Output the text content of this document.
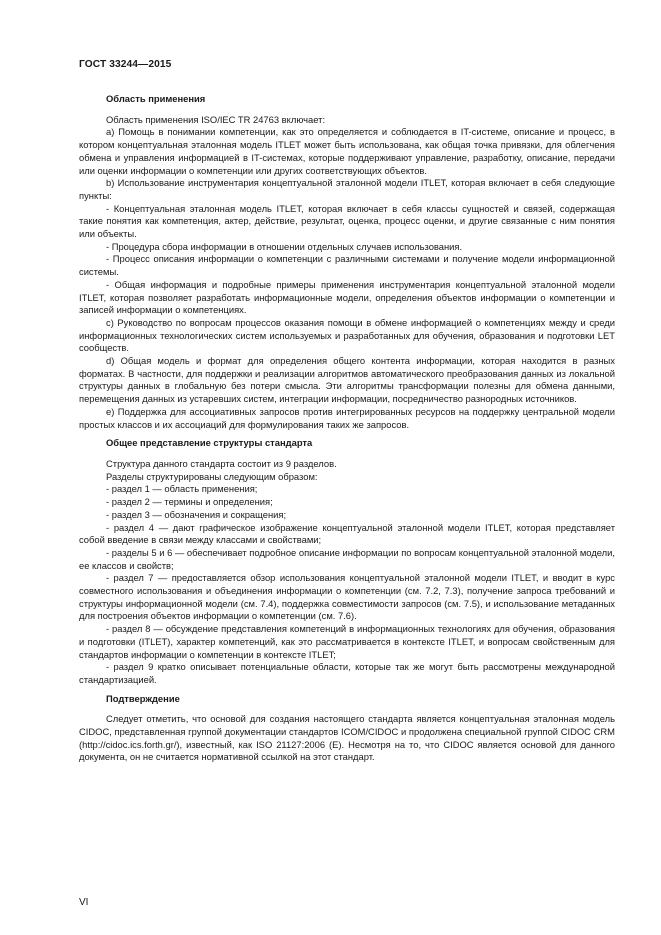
ГОСТ 33244—2015

Область применения

Область применения ISO/IEC TR 24763 включает:

a) Помощь в понимании компетенции, как это определяется и соблюдается в IT-системе, описание и процесс, в котором концептуальная эталонная модель ITLET может быть использована, как общая точка привязки, для облегчения обмена и управления информацией в IT-системах, которые поддерживают управление, разработку, описание, передачи или оценки информации о компетенции или других соответствующих объектов.

b) Использование инструментария концептуальной эталонной модели ITLET, которая включает в себя следующие пункты:

- Концептуальная эталонная модель ITLET, которая включает в себя классы сущностей и связей, содержащая такие понятия как компетенция, актер, действие, результат, оценка, процесс оценки, и другие связанные с ним понятия или объекты.

- Процедура сбора информации в отношении отдельных случаев использования.

- Процесс описания информации о компетенции с различными системами и получение модели информационной системы.

- Общая информация и подробные примеры применения инструментария концептуальной эталонной модели ITLET, которая позволяет разработать информационные модели, определения объектов информации о компетенции и записей информации о компетенциях.

c) Руководство по вопросам процессов оказания помощи в обмене информацией о компетенциях между и среди информационных технологических систем используемых и разработанных для обучения, образования и подготовки LET сообществ.

d) Общая модель и формат для определения общего контента информации, которая находится в разных форматах. В частности, для поддержки и реализации алгоритмов автоматического преобразования данных из локальной структуры данных в глобальную без потери смысла. Эти алгоритмы трансформации полезны для обмена данными, перемещения данных из устаревших систем, интеграции информации, посредничество разнородных источников.

e) Поддержка для ассоциативных запросов против интегрированных ресурсов на поддержку центральной модели простых классов и их ассоциаций для формулирования таких же запросов.

Общее представление структуры стандарта

Структура данного стандарта состоит из 9 разделов.

Разделы структурированы следующим образом:

- раздел 1 — область применения;

- раздел 2 — термины и определения;

- раздел 3 — обозначения и сокращения;

- раздел 4 — дают графическое изображение концептуальной эталонной модели ITLET, которая представляет собой введение в связи между классами и свойствами;

- разделы 5 и 6 — обеспечивает подробное описание информации по вопросам концептуальной эталонной модели, ее классов и свойств;

- раздел 7 — предоставляется обзор использования концептуальной эталонной модели ITLET, и вводит в курс совместного использования и объединения информации о компетенции (см. 7.2, 7.3), получение запроса требований и структуры информационной модели (см. 7.4), поддержка совместимости запросов (см. 7.5), и использование метаданных для построения объектов информации о компетенции (см. 7.6).

- раздел 8 — обсуждение представления компетенций в информационных технологиях для обучения, образования и подготовки (ITLET), характер компетенций, как это рассматривается в контексте ITLET, и вопросам свойственным для стандартов информации о компетенции в контексте ITLET;

- раздел 9 кратко описывает потенциальные области, которые так же могут быть рассмотрены международной стандартизацией.

Подтверждение

Следует отметить, что основой для создания настоящего стандарта является концептуальная эталонная модель CIDOC, представленная группой документации стандартов ICOM/CIDOC и продолжена специальной группой CIDOC CRM (http://cidoc.ics.forth.gr/), известный, как ISO 21127:2006 (E). Несмотря на то, что CIDOC является основой для данного документа, он не считается нормативной ссылкой на этот стандарт.

VI
